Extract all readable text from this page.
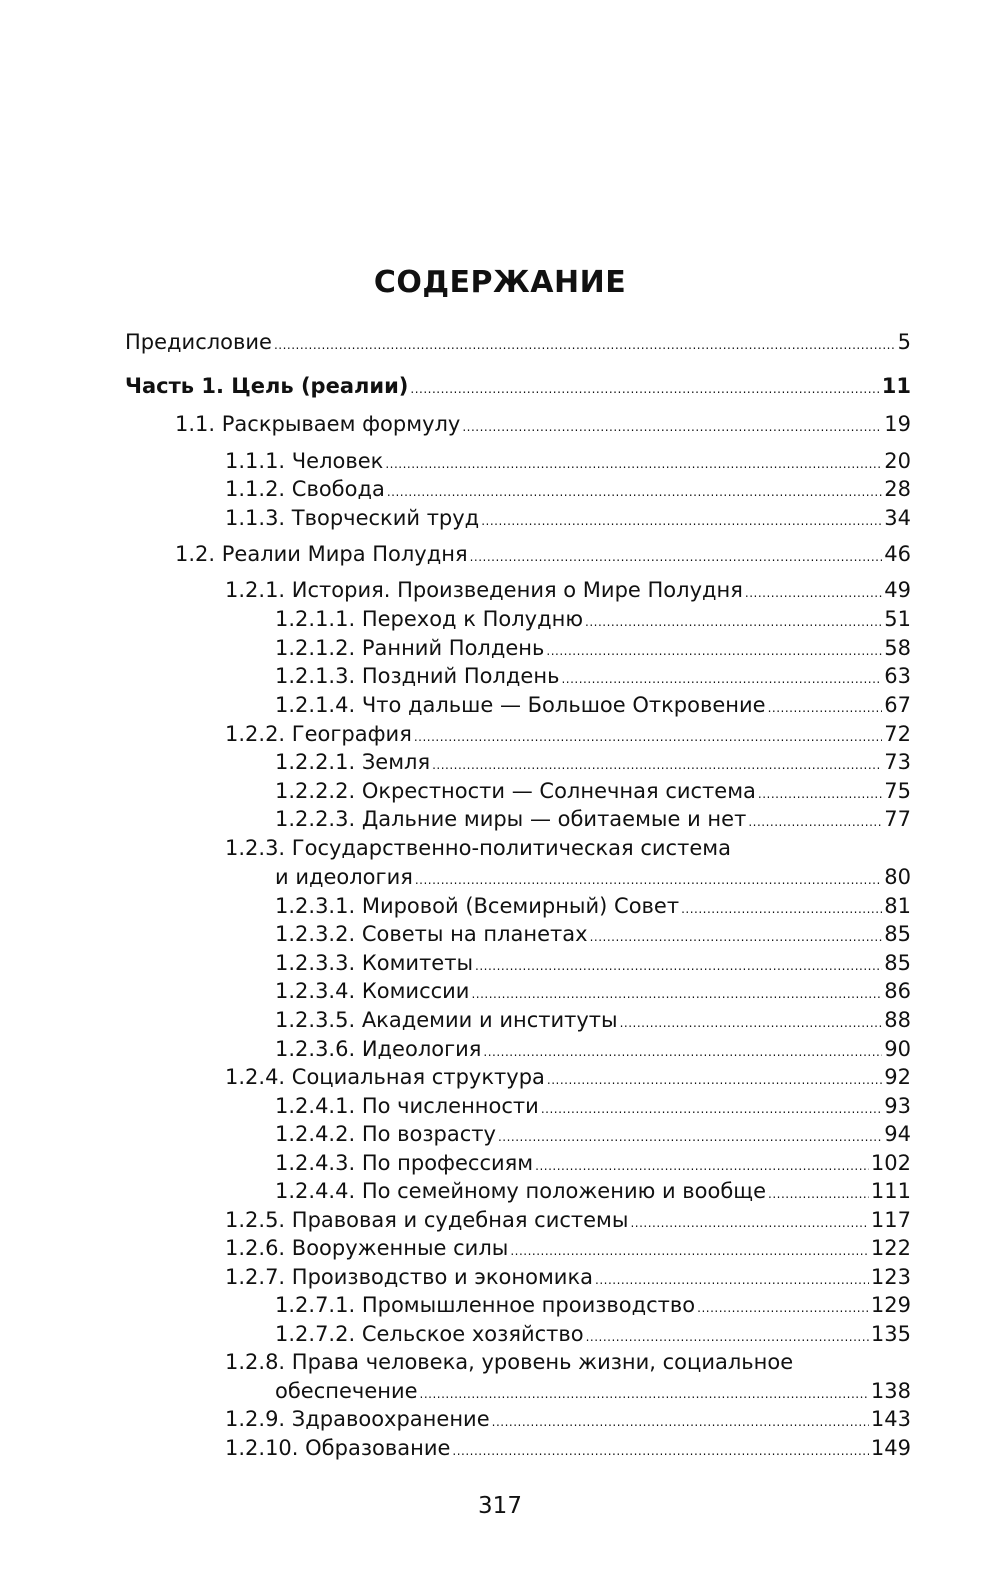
СОДЕРЖАНИЕ
Предисловие .....	5
Часть 1. Цель (реалии) .....	11
1.1. Раскрываем формулу .....	19
1.1.1. Человек .....	20
1.1.2. Свобода .....	28
1.1.3. Творческий труд .....	34
1.2. Реалии Мира Полудня .....	46
1.2.1. История. Произведения о Мире Полудня .....	49
1.2.1.1. Переход к Полудню .....	51
1.2.1.2. Ранний Полдень .....	58
1.2.1.3. Поздний Полдень .....	63
1.2.1.4. Что дальше — Большое Откровение .....	67
1.2.2. География .....	72
1.2.2.1. Земля .....	73
1.2.2.2. Окрестности — Солнечная система .....	75
1.2.2.3. Дальние миры — обитаемые и нет .....	77
1.2.3. Государственно-политическая система
и идеология .....	80
1.2.3.1. Мировой (Всемирный) Совет .....	81
1.2.3.2. Советы на планетах .....	85
1.2.3.3. Комитеты .....	85
1.2.3.4. Комиссии .....	86
1.2.3.5. Академии и институты .....	88
1.2.3.6. Идеология .....	90
1.2.4. Социальная структура .....	92
1.2.4.1. По численности .....	93
1.2.4.2. По возрасту .....	94
1.2.4.3. По профессиям .....	102
1.2.4.4. По семейному положению и вообще .....	111
1.2.5. Правовая и судебная системы .....	117
1.2.6. Вооруженные силы .....	122
1.2.7. Производство и экономика .....	123
1.2.7.1. Промышленное производство .....	129
1.2.7.2. Сельское хозяйство .....	135
1.2.8. Права человека, уровень жизни, социальное
обеспечение .....	138
1.2.9. Здравоохранение .....	143
1.2.10. Образование .....	149
317
